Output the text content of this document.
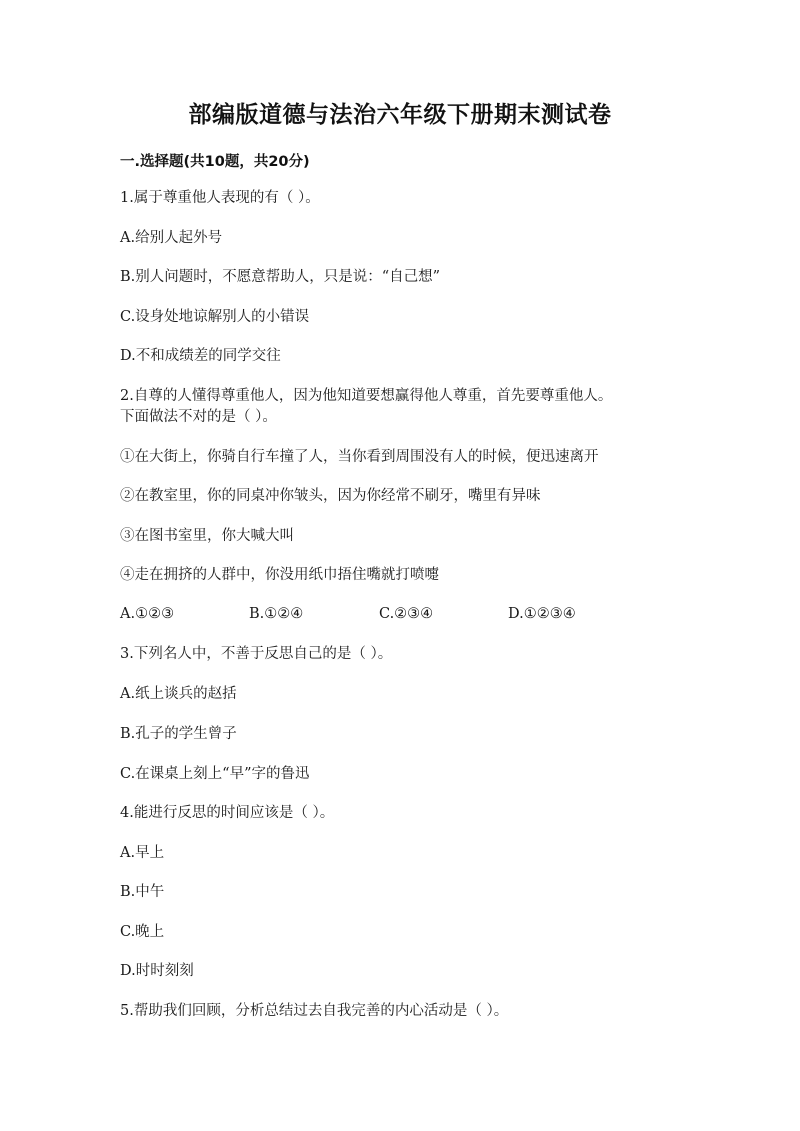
部编版道德与法治六年级下册期末测试卷
一.选择题(共10题，共20分)
1.属于尊重他人表现的有（ ）。
A.给别人起外号
B.别人问题时，不愿意帮助人，只是说：“自己想”
C.设身处地谅解别人的小错误
D.不和成绩差的同学交往
2.自尊的人懂得尊重他人，因为他知道要想赢得他人尊重，首先要尊重他人。
下面做法不对的是（ ）。
①在大街上，你骑自行车撞了人，当你看到周围没有人的时候，便迅速离开
②在教室里，你的同桌冲你皱头，因为你经常不刷牙，嘴里有异味
③在图书室里，你大喊大叫
④走在拥挤的人群中，你没用纸巾捂住嘴就打喷嚏
A.①②③	B.①②④	C.②③④	D.①②③④
3.下列名人中，不善于反思自己的是（ ）。
A.纸上谈兵的赵括
B.孔子的学生曾子
C.在课桌上刻上“早”字的鲁迅
4.能进行反思的时间应该是（ ）。
A.早上
B.中午
C.晚上
D.时时刻刻
5.帮助我们回顾，分析总结过去自我完善的内心活动是（ ）。
